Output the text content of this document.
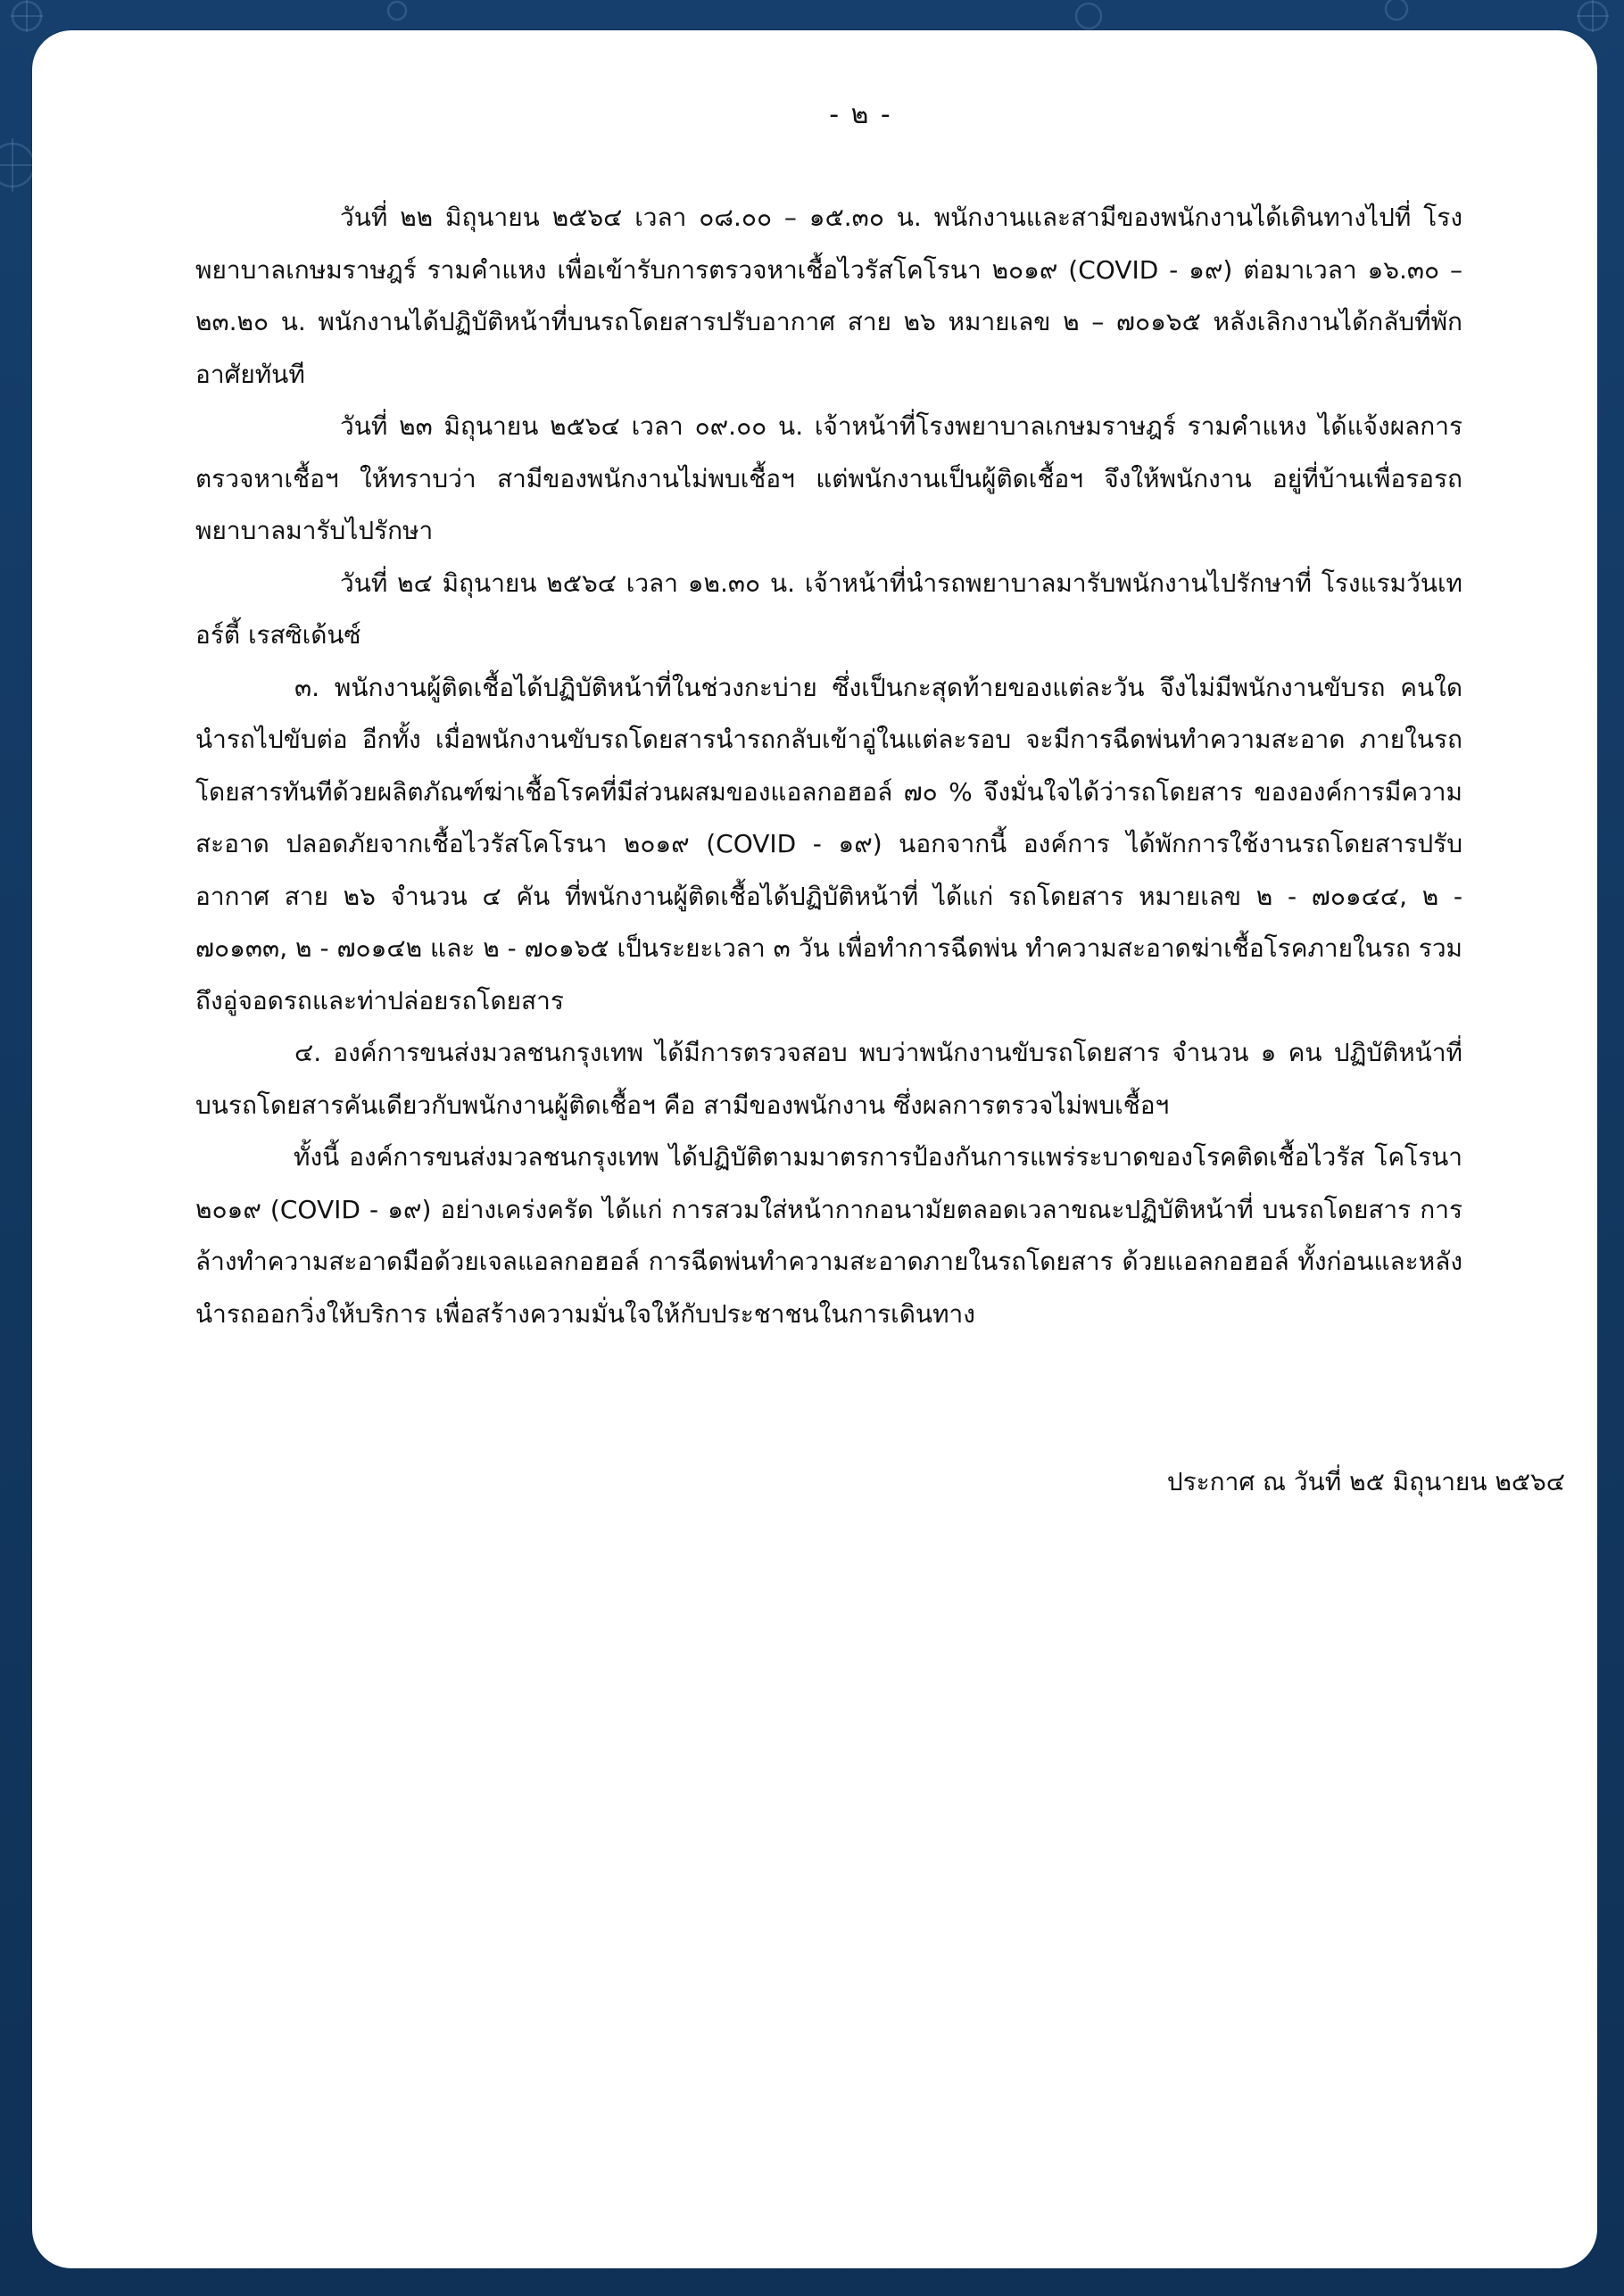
- ๒ -

วันที่ ๒๒ มิถุนายน ๒๕๖๔ เวลา ๐๘.๐๐ – ๑๕.๓๐ น. พนักงานและสามีของพนักงานได้เดินทางไปที่ โรงพยาบาลเกษมราษฎร์ รามคำแหง เพื่อเข้ารับการตรวจหาเชื้อไวรัสโคโรนา ๒๐๑๙ (COVID - ๑๙) ต่อมาเวลา ๑๖.๓๐ – ๒๓.๒๐ น. พนักงานได้ปฏิบัติหน้าที่บนรถโดยสารปรับอากาศ สาย ๒๖ หมายเลข ๒ – ๗๐๑๖๕ หลังเลิกงานได้กลับที่พักอาศัยทันที

วันที่ ๒๓ มิถุนายน ๒๕๖๔ เวลา ๐๙.๐๐ น. เจ้าหน้าที่โรงพยาบาลเกษมราษฎร์ รามคำแหง ได้แจ้งผลการตรวจหาเชื้อฯ ให้ทราบว่า สามีของพนักงานไม่พบเชื้อฯ แต่พนักงานเป็นผู้ติดเชื้อฯ จึงให้พนักงาน อยู่ที่บ้านเพื่อรอรถพยาบาลมารับไปรักษา

วันที่ ๒๔ มิถุนายน ๒๕๖๔ เวลา ๑๒.๓๐ น. เจ้าหน้าที่นำรถพยาบาลมารับพนักงานไปรักษาที่ โรงแรมวันเทอร์ตี้ เรสซิเด้นซ์

๓. พนักงานผู้ติดเชื้อได้ปฏิบัติหน้าที่ในช่วงกะบ่าย ซึ่งเป็นกะสุดท้ายของแต่ละวัน จึงไม่มีพนักงานขับรถ คนใดนำรถไปขับต่อ อีกทั้ง เมื่อพนักงานขับรถโดยสารนำรถกลับเข้าอู่ในแต่ละรอบ จะมีการฉีดพ่นทำความสะอาด ภายในรถโดยสารทันทีด้วยผลิตภัณฑ์ฆ่าเชื้อโรคที่มีส่วนผสมของแอลกอฮอล์ ๗๐ % จึงมั่นใจได้ว่ารถโดยสาร ขององค์การมีความสะอาด ปลอดภัยจากเชื้อไวรัสโคโรนา ๒๐๑๙ (COVID - ๑๙) นอกจากนี้ องค์การ ได้พักการใช้งานรถโดยสารปรับอากาศ สาย ๒๖ จำนวน ๔ คัน ที่พนักงานผู้ติดเชื้อได้ปฏิบัติหน้าที่ ได้แก่ รถโดยสาร หมายเลข ๒ - ๗๐๑๔๔, ๒ - ๗๐๑๓๓, ๒ - ๗๐๑๔๒ และ ๒ - ๗๐๑๖๕ เป็นระยะเวลา ๓ วัน เพื่อทำการฉีดพ่น ทำความสะอาดฆ่าเชื้อโรคภายในรถ รวมถึงอู่จอดรถและท่าปล่อยรถโดยสาร

๔. องค์การขนส่งมวลชนกรุงเทพ ได้มีการตรวจสอบ พบว่าพนักงานขับรถโดยสาร จำนวน ๑ คน ปฏิบัติหน้าที่บนรถโดยสารคันเดียวกับพนักงานผู้ติดเชื้อฯ คือ สามีของพนักงาน ซึ่งผลการตรวจไม่พบเชื้อฯ

ทั้งนี้ องค์การขนส่งมวลชนกรุงเทพ ได้ปฏิบัติตามมาตรการป้องกันการแพร่ระบาดของโรคติดเชื้อไวรัส โคโรนา ๒๐๑๙ (COVID - ๑๙) อย่างเคร่งครัด ได้แก่ การสวมใส่หน้ากากอนามัยตลอดเวลาขณะปฏิบัติหน้าที่ บนรถโดยสาร การล้างทำความสะอาดมือด้วยเจลแอลกอฮอล์ การฉีดพ่นทำความสะอาดภายในรถโดยสาร ด้วยแอลกอฮอล์ ทั้งก่อนและหลังนำรถออกวิ่งให้บริการ เพื่อสร้างความมั่นใจให้กับประชาชนในการเดินทาง

ประกาศ ณ วันที่ ๒๕ มิถุนายน ๒๕๖๔
